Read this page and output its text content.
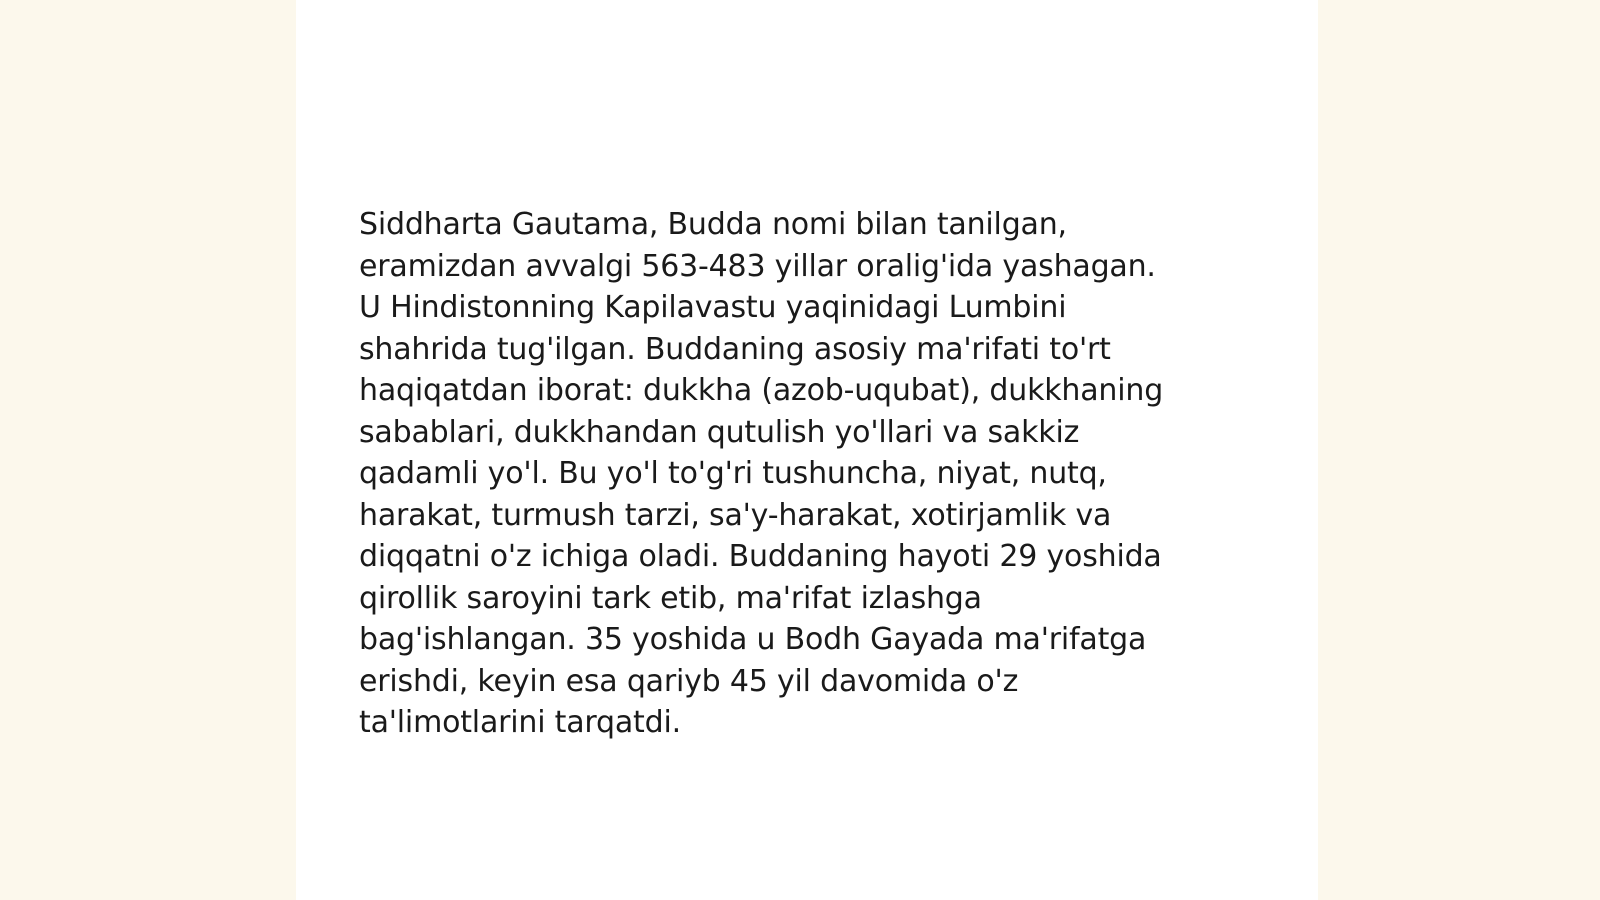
Siddharta Gautama, Budda nomi bilan tanilgan,
eramizdan avvalgi 563-483 yillar oralig'ida yashagan.
U Hindistonning Kapilavastu yaqinidagi Lumbini
shahrida tug'ilgan. Buddaning asosiy ma'rifati to'rt
haqiqatdan iborat: dukkha (azob-uqubat), dukkhaning
sabablari, dukkhandan qutulish yo'llari va sakkiz
qadamli yo'l. Bu yo'l to'g'ri tushuncha, niyat, nutq,
harakat, turmush tarzi, sa'y-harakat, xotirjamlik va
diqqatni o'z ichiga oladi. Buddaning hayoti 29 yoshida
qirollik saroyini tark etib, ma'rifat izlashga
bag'ishlangan. 35 yoshida u Bodh Gayada ma'rifatga
erishdi, keyin esa qariyb 45 yil davomida o'z
ta'limotlarini tarqatdi.
